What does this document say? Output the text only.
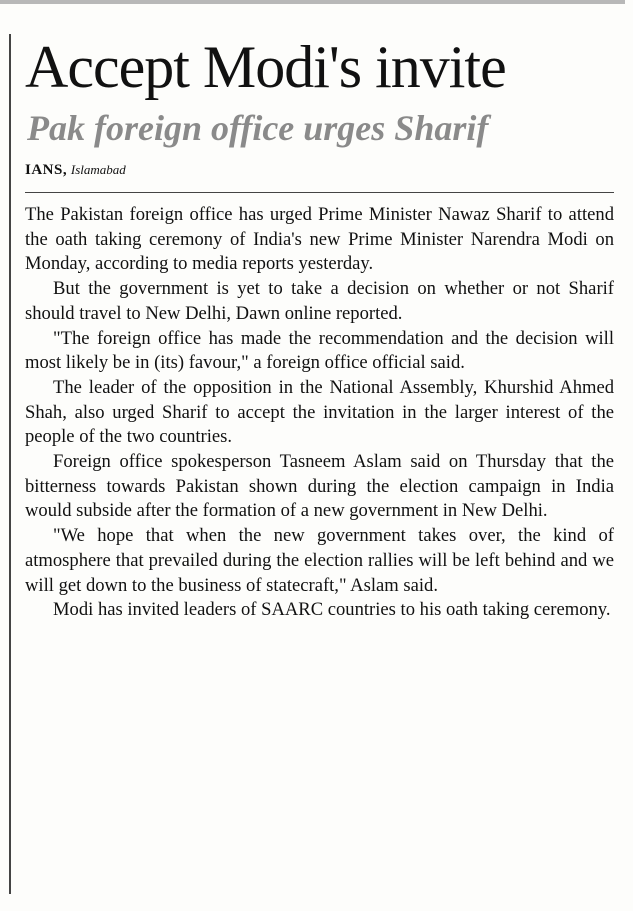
Accept Modi's invite
Pak foreign office urges Sharif
IANS, Islamabad

The Pakistan foreign office has urged Prime Minister Nawaz Sharif to attend the oath taking ceremony of India's new Prime Minister Narendra Modi on Monday, according to media reports yesterday.

But the government is yet to take a decision on whether or not Sharif should travel to New Delhi, Dawn online reported.

"The foreign office has made the recommendation and the decision will most likely be in (its) favour," a foreign office official said.

The leader of the opposition in the National Assembly, Khurshid Ahmed Shah, also urged Sharif to accept the invitation in the larger interest of the people of the two countries.

Foreign office spokesperson Tasneem Aslam said on Thursday that the bitterness towards Pakistan shown during the election campaign in India would subside after the formation of a new government in New Delhi.

"We hope that when the new government takes over, the kind of atmosphere that prevailed during the election rallies will be left behind and we will get down to the business of statecraft," Aslam said.

Modi has invited leaders of SAARC countries to his oath taking ceremony.
